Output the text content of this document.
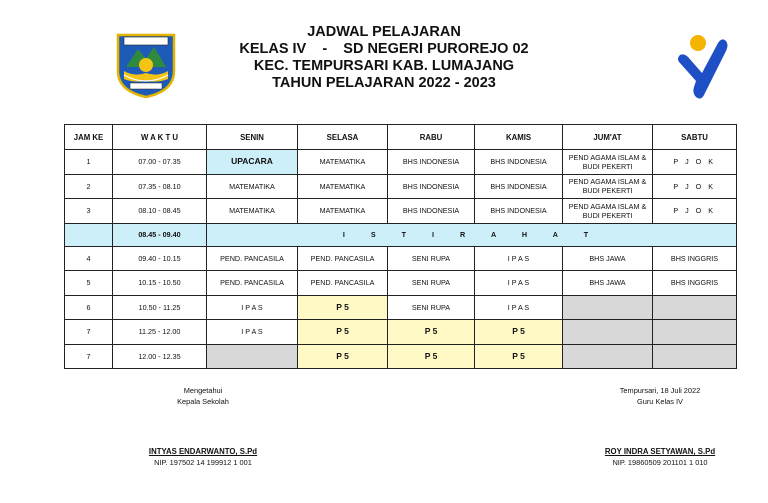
JADWAL PELAJARAN
KELAS IV    -    SD NEGERI PUROREJO 02
KEC. TEMPURSARI KAB. LUMAJANG
TAHUN PELAJARAN 2022 - 2023
JAM KE	W A K T U	SENIN	SELASA	RABU	KAMIS	JUM'AT	SABTU
1	07.00 - 07.35	UPACARA	MATEMATIKA	BHS INDONESIA	BHS INDONESIA	PEND AGAMA ISLAM & BUDI PEKERTI	P J O K
2	07.35 - 08.10	MATEMATIKA	MATEMATIKA	BHS INDONESIA	BHS INDONESIA	PEND AGAMA ISLAM & BUDI PEKERTI	P J O K
3	08.10 - 08.45	MATEMATIKA	MATEMATIKA	BHS INDONESIA	BHS INDONESIA	PEND AGAMA ISLAM & BUDI PEKERTI	P J O K
	08.45 - 09.40	I S T I R A H A T					
4	09.40 - 10.15	PEND. PANCASILA	PEND. PANCASILA	SENI RUPA	I P A S	BHS JAWA	BHS INGGRIS
5	10.15 - 10.50	PEND. PANCASILA	PEND. PANCASILA	SENI RUPA	I P A S	BHS JAWA	BHS INGGRIS
6	10.50 - 11.25	I P A S	P 5	SENI RUPA	I P A S		
7	11.25 - 12.00	I P A S	P 5	P 5	P 5		
7	12.00 - 12.35		P 5	P 5	P 5		
Mengetahui
Kepala Sekolah
INTYAS ENDARWANTO, S.Pd
NIP. 197502 14 199912 1 001
Tempursari, 18 Juli 2022
Guru Kelas IV
ROY INDRA SETYAWAN, S.Pd
NIP. 19860509 201101 1 010
